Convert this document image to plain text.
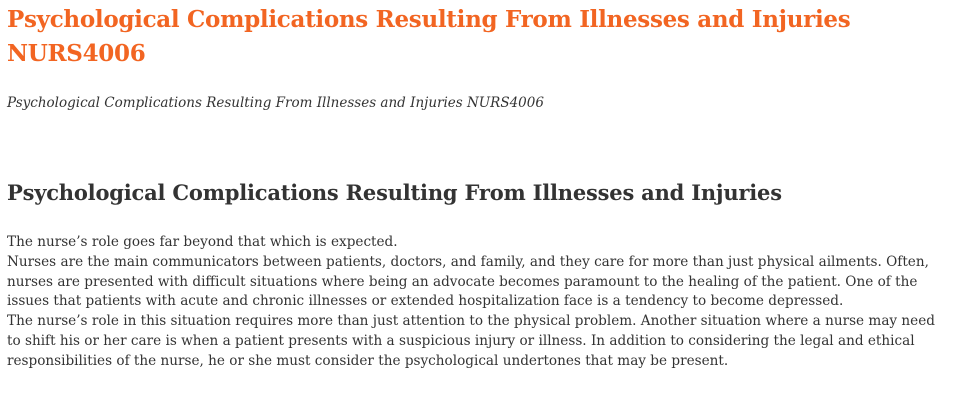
Psychological Complications Resulting From Illnesses and Injuries NURS4006

Psychological Complications Resulting From Illnesses and Injuries NURS4006

Psychological Complications Resulting From Illnesses and Injuries

The nurse’s role goes far beyond that which is expected.

Nurses are the main communicators between patients, doctors, and family, and they care for more than just physical ailments. Often, nurses are presented with difficult situations where being an advocate becomes paramount to the healing of the patient. One of the issues that patients with acute and chronic illnesses or extended hospitalization face is a tendency to become depressed.

The nurse’s role in this situation requires more than just attention to the physical problem. Another situation where a nurse may need to shift his or her care is when a patient presents with a suspicious injury or illness. In addition to considering the legal and ethical responsibilities of the nurse, he or she must consider the psychological undertones that may be present.
